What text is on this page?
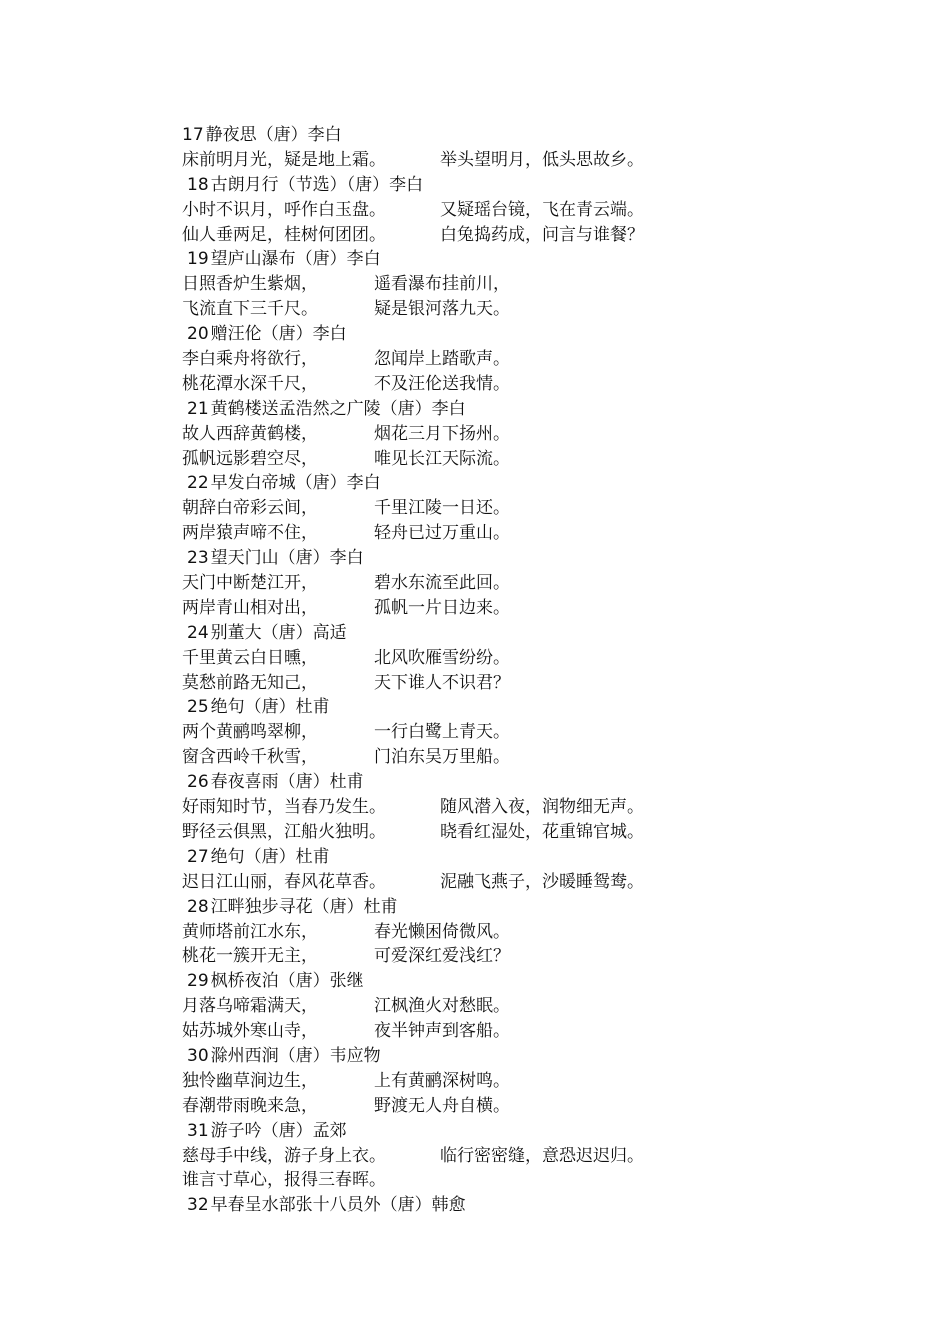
17 静夜思（唐）李白
床前明月光，疑是地上霜。	举头望明月，低头思故乡。
18 古朗月行（节选）（唐）李白
小时不识月，呼作白玉盘。	又疑瑶台镜，飞在青云端。
仙人垂两足，桂树何团团。	白兔捣药成，问言与谁餐？
19 望庐山瀑布（唐）李白
日照香炉生紫烟，	遥看瀑布挂前川，
飞流直下三千尺。	疑是银河落九天。
20 赠汪伦（唐）李白
李白乘舟将欲行，	忽闻岸上踏歌声。
桃花潭水深千尺，	不及汪伦送我情。
21 黄鹤楼送孟浩然之广陵（唐）李白
故人西辞黄鹤楼，	烟花三月下扬州。
孤帆远影碧空尽，	唯见长江天际流。
22 早发白帝城（唐）李白
朝辞白帝彩云间，	千里江陵一日还。
两岸猿声啼不住，	轻舟已过万重山。
23 望天门山（唐）李白
天门中断楚江开，	碧水东流至此回。
两岸青山相对出，	孤帆一片日边来。
24 别董大（唐）高适
千里黄云白日曛，	北风吹雁雪纷纷。
莫愁前路无知己，	天下谁人不识君？
25 绝句（唐）杜甫
两个黄鹂鸣翠柳，	一行白鹭上青天。
窗含西岭千秋雪，	门泊东吴万里船。
26 春夜喜雨（唐）杜甫
好雨知时节，当春乃发生。	随风潜入夜，润物细无声。
野径云俱黑，江船火独明。	晓看红湿处，花重锦官城。
27 绝句（唐）杜甫
迟日江山丽，春风花草香。	泥融飞燕子，沙暖睡鸳鸯。
28 江畔独步寻花（唐）杜甫
黄师塔前江水东，	春光懒困倚微风。
桃花一簇开无主，	可爱深红爱浅红？
29 枫桥夜泊（唐）张继
月落乌啼霜满天，	江枫渔火对愁眠。
姑苏城外寒山寺，	夜半钟声到客船。
30 滁州西涧（唐）韦应物
独怜幽草涧边生，	上有黄鹂深树鸣。
春潮带雨晚来急，	野渡无人舟自横。
31 游子吟（唐）孟郊
慈母手中线，游子身上衣。	临行密密缝，意恐迟迟归。
谁言寸草心，报得三春晖。
32 早春呈水部张十八员外（唐）韩愈
